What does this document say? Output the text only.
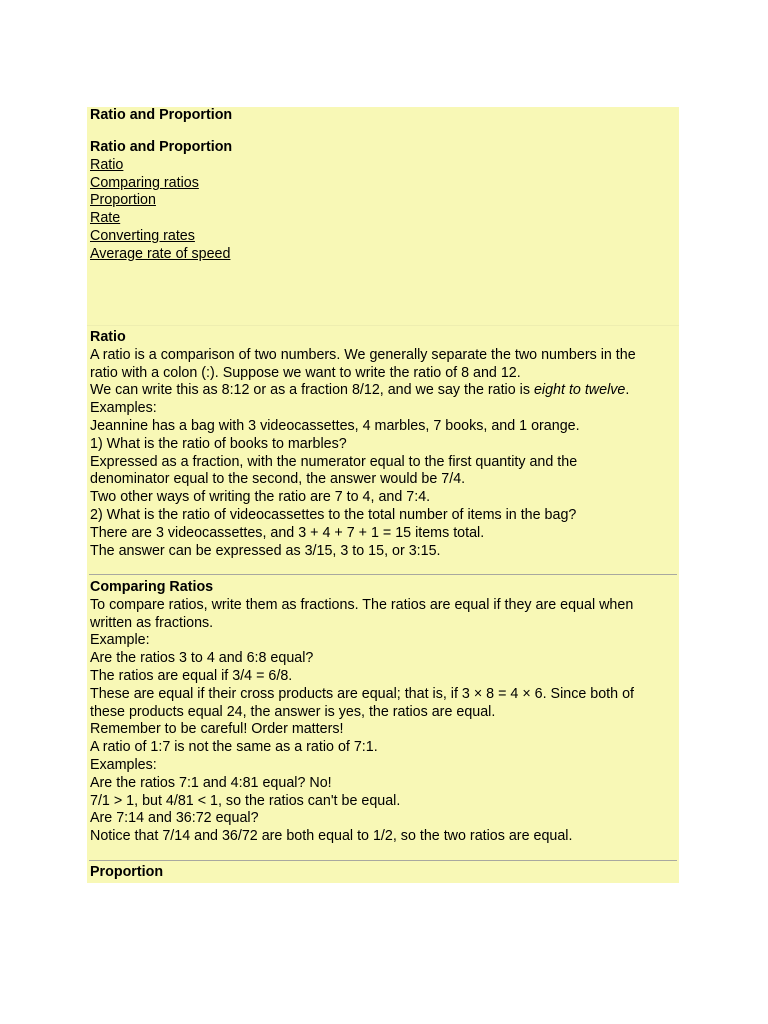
Ratio and Proportion
Ratio and Proportion
Ratio
Comparing ratios
Proportion
Rate
Converting rates
Average rate of speed
Ratio
A ratio is a comparison of two numbers. We generally separate the two numbers in the
ratio with a colon (:). Suppose we want to write the ratio of 8 and 12.
We can write this as 8:12 or as a fraction 8/12, and we say the ratio is eight to twelve.
Examples:
Jeannine has a bag with 3 videocassettes, 4 marbles, 7 books, and 1 orange.
1) What is the ratio of books to marbles?
Expressed as a fraction, with the numerator equal to the first quantity and the
denominator equal to the second, the answer would be 7/4.
Two other ways of writing the ratio are 7 to 4, and 7:4.
2) What is the ratio of videocassettes to the total number of items in the bag?
There are 3 videocassettes, and 3 + 4 + 7 + 1 = 15 items total.
The answer can be expressed as 3/15, 3 to 15, or 3:15.
Comparing Ratios
To compare ratios, write them as fractions. The ratios are equal if they are equal when
written as fractions.
Example:
Are the ratios 3 to 4 and 6:8 equal?
The ratios are equal if 3/4 = 6/8.
These are equal if their cross products are equal; that is, if 3 × 8 = 4 × 6. Since both of
these products equal 24, the answer is yes, the ratios are equal.
Remember to be careful! Order matters!
A ratio of 1:7 is not the same as a ratio of 7:1.
Examples:
Are the ratios 7:1 and 4:81 equal? No!
7/1 > 1, but 4/81 < 1, so the ratios can't be equal.
Are 7:14 and 36:72 equal?
Notice that 7/14 and 36/72 are both equal to 1/2, so the two ratios are equal.
Proportion
